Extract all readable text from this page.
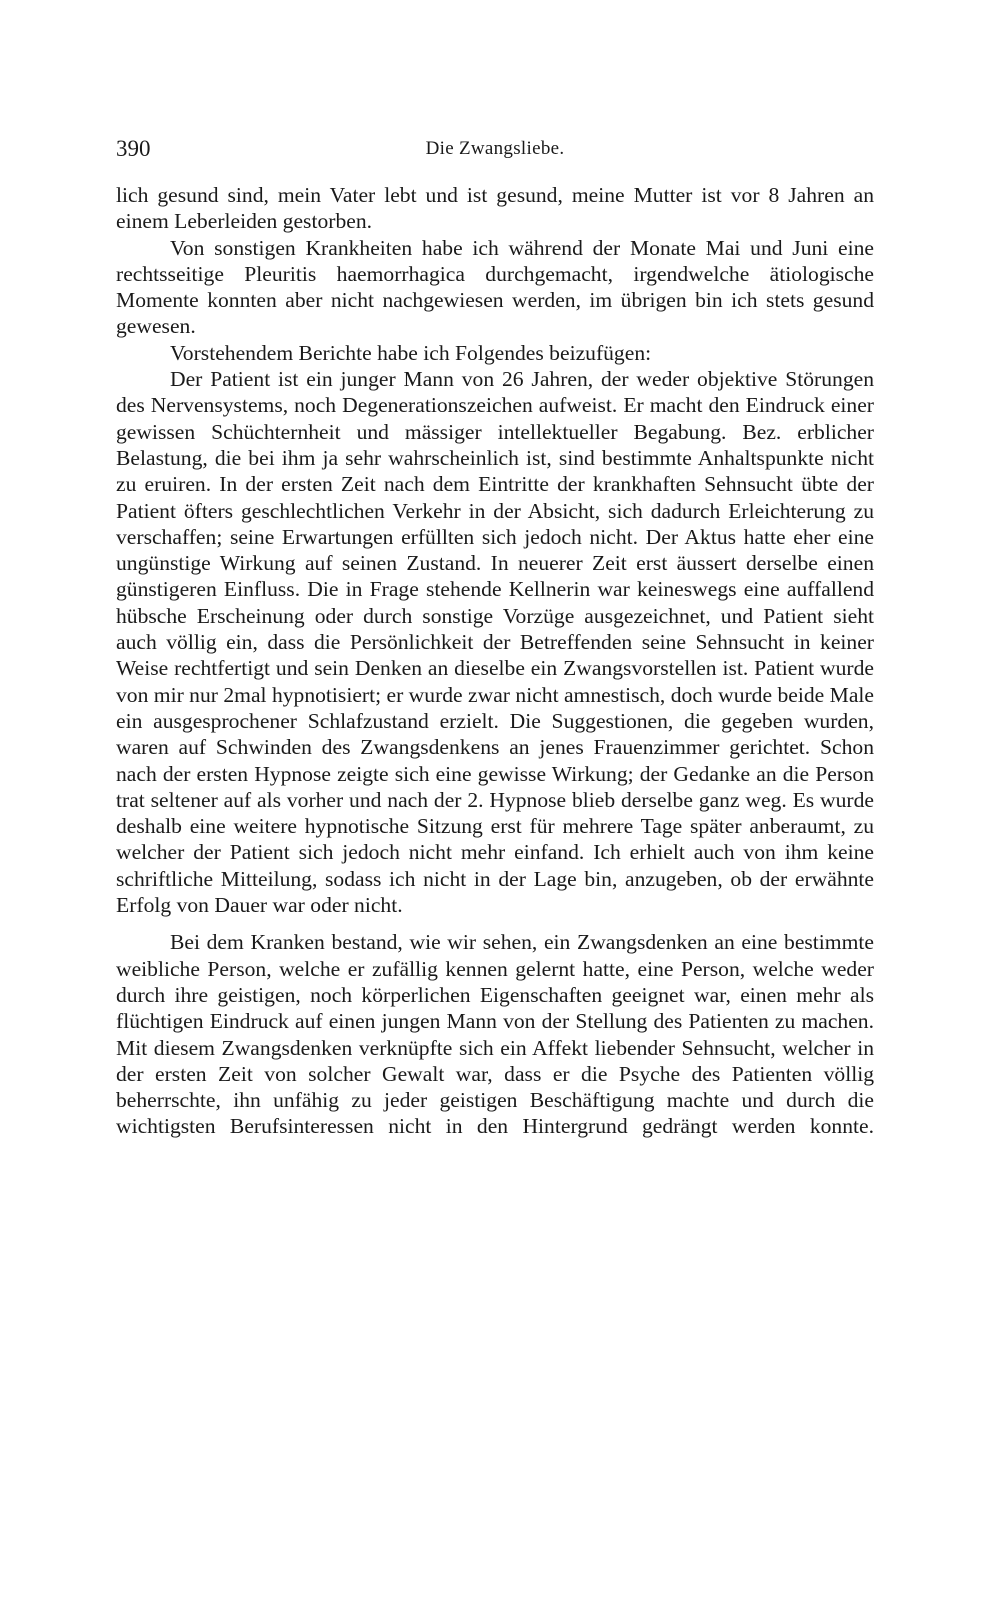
390	Die Zwangsliebe.

lich gesund sind, mein Vater lebt und ist gesund, meine Mutter ist vor 8 Jahren an einem Leberleiden gestorben.

Von sonstigen Krankheiten habe ich während der Monate Mai und Juni eine rechtsseitige Pleuritis haemorrhagica durchgemacht, irgendwelche ätiologische Momente konnten aber nicht nachgewiesen werden, im übrigen bin ich stets gesund gewesen.

Vorstehendem Berichte habe ich Folgendes beizufügen:

Der Patient ist ein junger Mann von 26 Jahren, der weder objektive Störungen des Nervensystems, noch Degenerationszeichen aufweist. Er macht den Eindruck einer gewissen Schüchternheit und mässiger intellektueller Begabung. Bez. erblicher Belastung, die bei ihm ja sehr wahrscheinlich ist, sind bestimmte Anhaltspunkte nicht zu eruiren. In der ersten Zeit nach dem Eintritte der krankhaften Sehnsucht übte der Patient öfters geschlechtlichen Verkehr in der Absicht, sich dadurch Erleichterung zu verschaffen; seine Erwartungen erfüllten sich jedoch nicht. Der Aktus hatte eher eine ungünstige Wirkung auf seinen Zustand. In neuerer Zeit erst äussert derselbe einen günstigeren Einfluss. Die in Frage stehende Kellnerin war keineswegs eine auffallend hübsche Erscheinung oder durch sonstige Vorzüge ausgezeichnet, und Patient sieht auch völlig ein, dass die Persönlichkeit der Betreffenden seine Sehnsucht in keiner Weise rechtfertigt und sein Denken an dieselbe ein Zwangsvorstellen ist. Patient wurde von mir nur 2mal hypnotisiert; er wurde zwar nicht amnestisch, doch wurde beide Male ein ausgesprochener Schlafzustand erzielt. Die Suggestionen, die gegeben wurden, waren auf Schwinden des Zwangsdenkens an jenes Frauenzimmer gerichtet. Schon nach der ersten Hypnose zeigte sich eine gewisse Wirkung; der Gedanke an die Person trat seltener auf als vorher und nach der 2. Hypnose blieb derselbe ganz weg. Es wurde deshalb eine weitere hypnotische Sitzung erst für mehrere Tage später anberaumt, zu welcher der Patient sich jedoch nicht mehr einfand. Ich erhielt auch von ihm keine schriftliche Mitteilung, sodass ich nicht in der Lage bin, anzugeben, ob der erwähnte Erfolg von Dauer war oder nicht.

Bei dem Kranken bestand, wie wir sehen, ein Zwangsdenken an eine bestimmte weibliche Person, welche er zufällig kennen gelernt hatte, eine Person, welche weder durch ihre geistigen, noch körperlichen Eigenschaften geeignet war, einen mehr als flüchtigen Eindruck auf einen jungen Mann von der Stellung des Patienten zu machen. Mit diesem Zwangsdenken verknüpfte sich ein Affekt liebender Sehnsucht, welcher in der ersten Zeit von solcher Gewalt war, dass er die Psyche des Patienten völlig beherrschte, ihn unfähig zu jeder geistigen Beschäftigung machte und durch die wichtigsten Berufsinteressen nicht in den Hintergrund gedrängt werden konnte.
